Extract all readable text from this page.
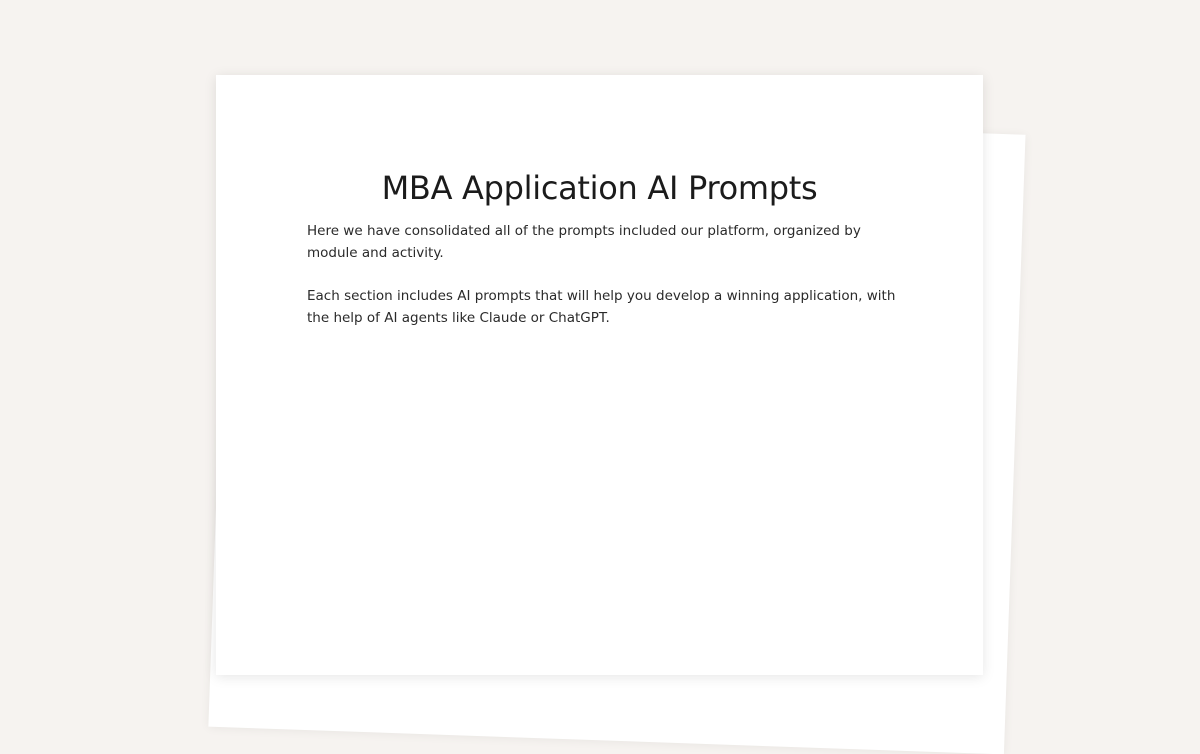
MBA Application AI Prompts

Here we have consolidated all of the prompts included our platform, organized by module and activity.

Each section includes AI prompts that will help you develop a winning application, with the help of AI agents like Claude or ChatGPT.
